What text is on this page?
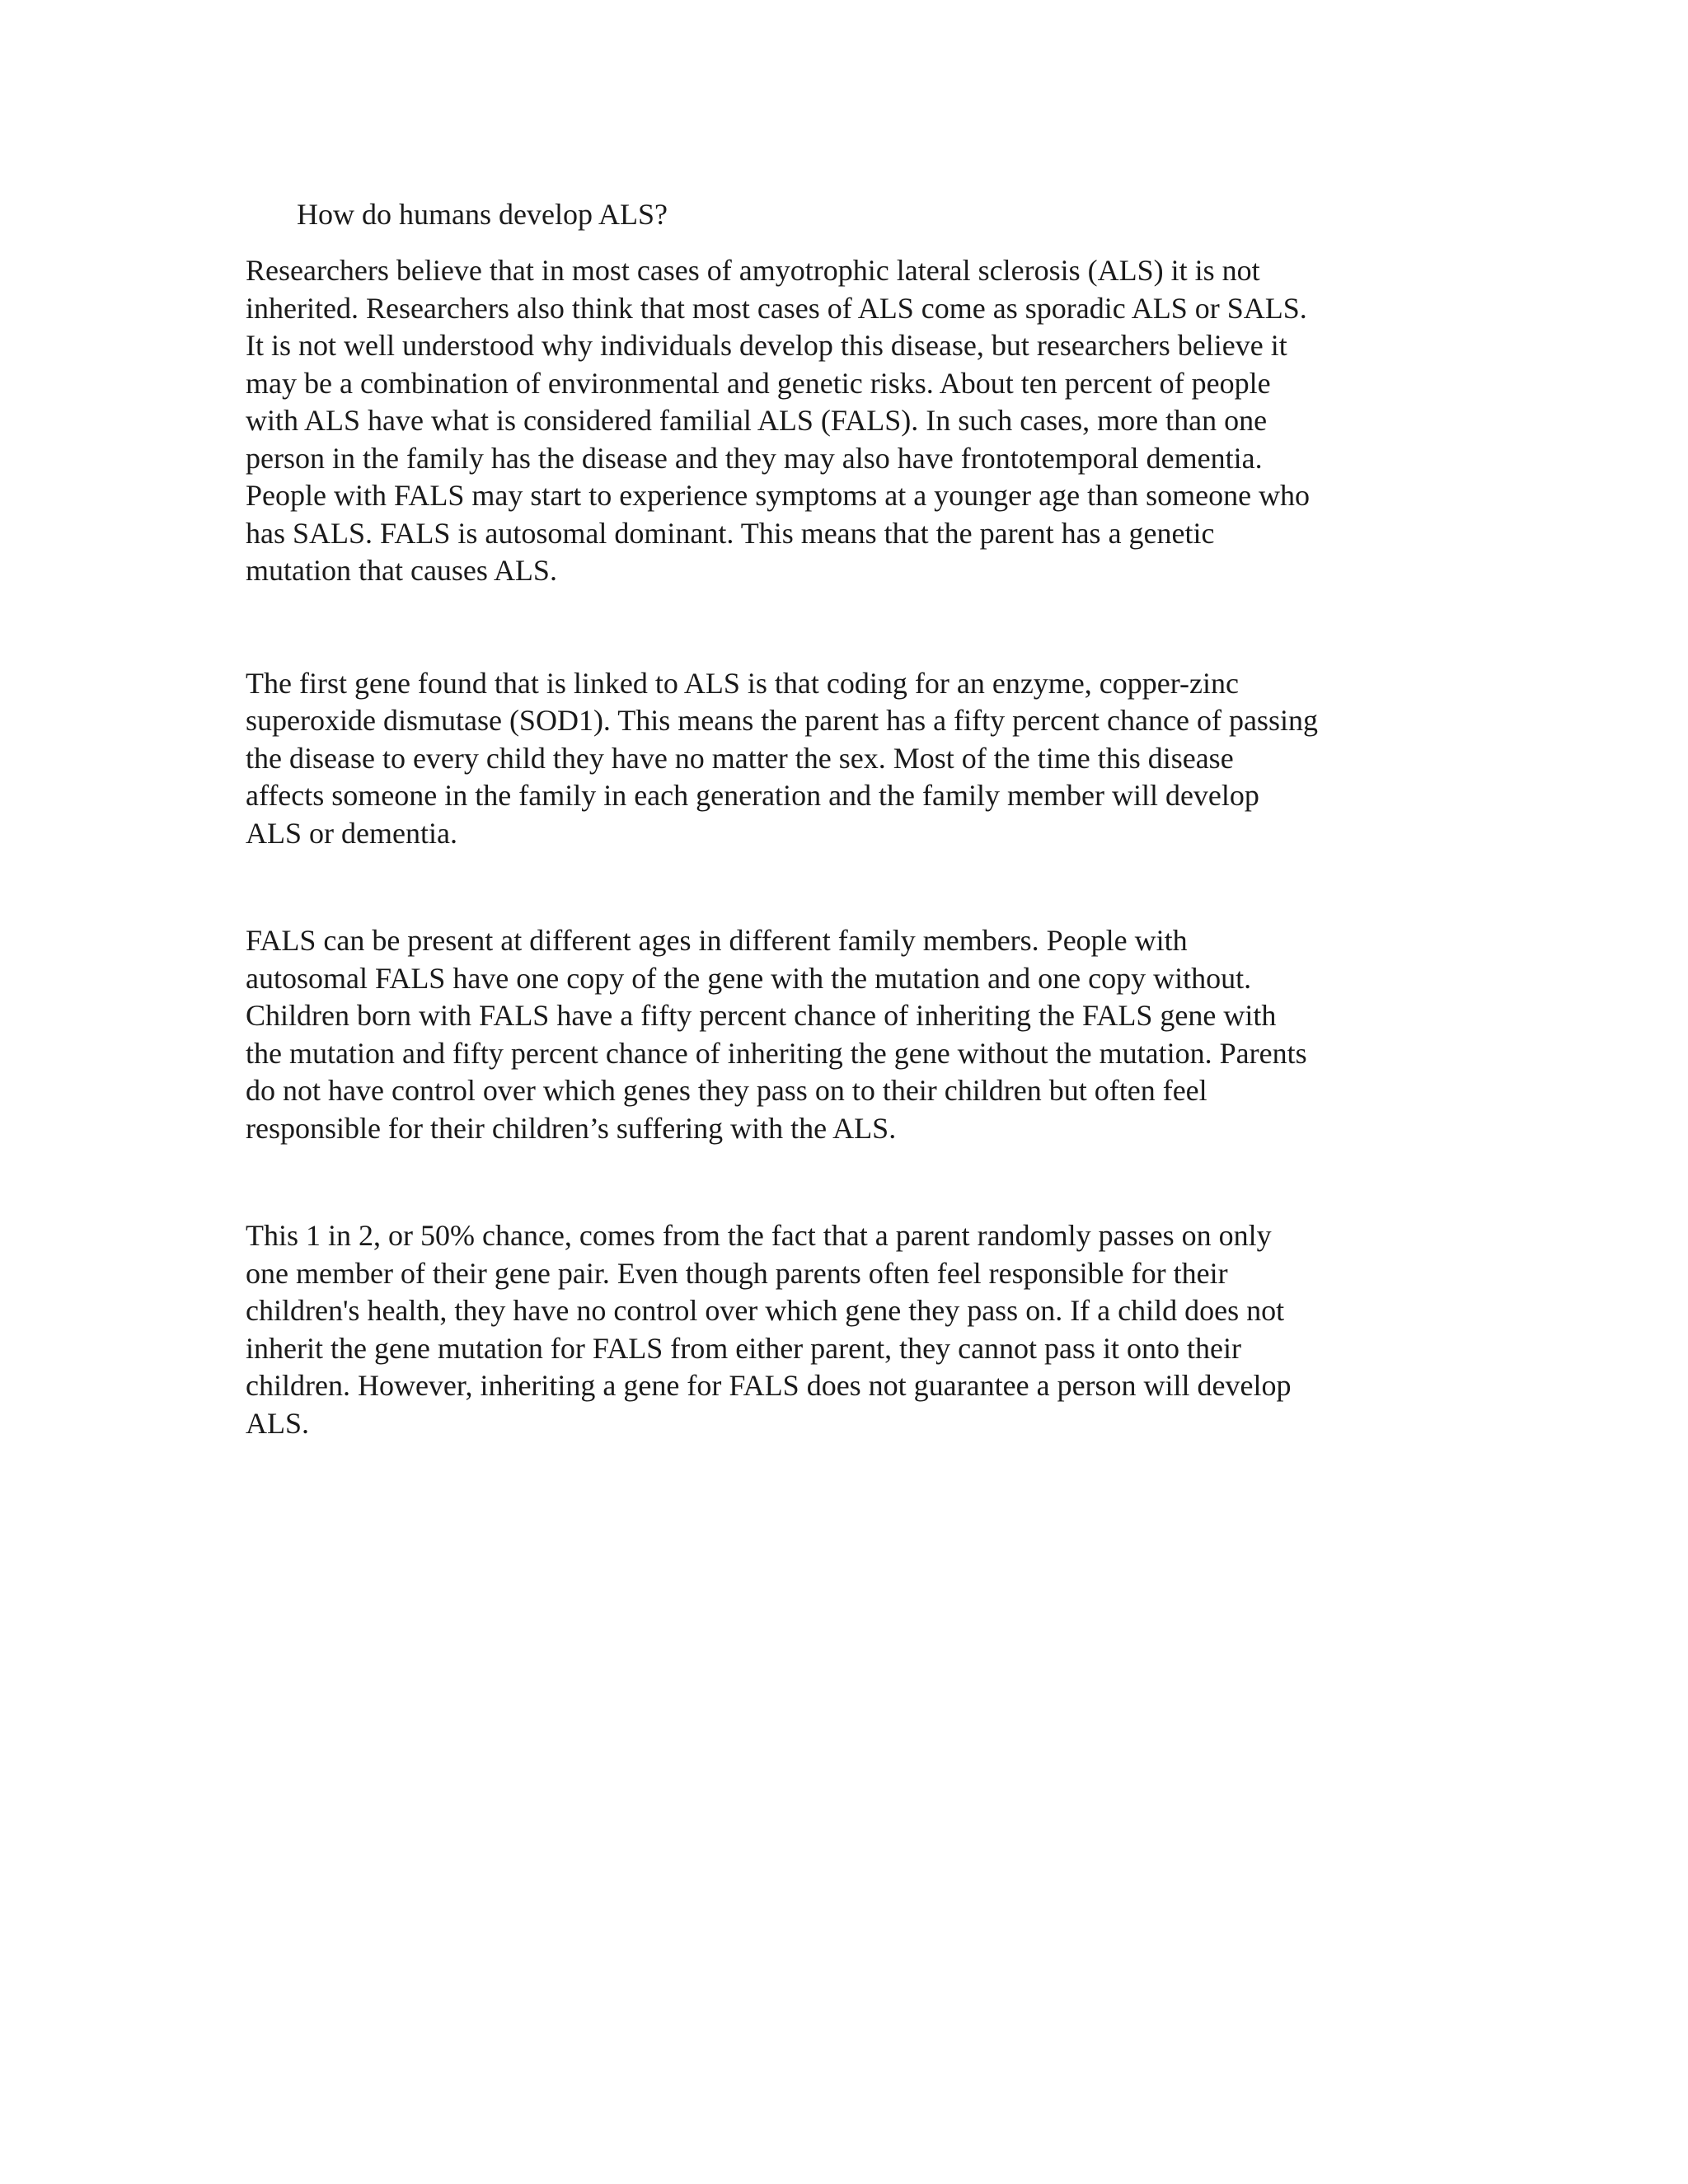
How do humans develop ALS?

Researchers believe that in most cases of amyotrophic lateral sclerosis (ALS) it is not
inherited. Researchers also think that most cases of ALS come as sporadic ALS or SALS.
It is not well understood why individuals develop this disease, but researchers believe it
may be a combination of environmental and genetic risks. About ten percent of people
with ALS have what is considered familial ALS (FALS). In such cases, more than one
person in the family has the disease and they may also have frontotemporal dementia.
People with FALS may start to experience symptoms at a younger age than someone who
has SALS. FALS is autosomal dominant. This means that the parent has a genetic
mutation that causes ALS.

The first gene found that is linked to ALS is that coding for an enzyme, copper-zinc
superoxide dismutase (SOD1). This means the parent has a fifty percent chance of passing
the disease to every child they have no matter the sex. Most of the time this disease
affects someone in the family in each generation and the family member will develop
ALS or dementia.

FALS can be present at different ages in different family members. People with
autosomal FALS have one copy of the gene with the mutation and one copy without.
Children born with FALS have a fifty percent chance of inheriting the FALS gene with
the mutation and fifty percent chance of inheriting the gene without the mutation. Parents
do not have control over which genes they pass on to their children but often feel
responsible for their children’s suffering with the ALS.

This 1 in 2, or 50% chance, comes from the fact that a parent randomly passes on only
one member of their gene pair. Even though parents often feel responsible for their
children's health, they have no control over which gene they pass on. If a child does not
inherit the gene mutation for FALS from either parent, they cannot pass it onto their
children. However, inheriting a gene for FALS does not guarantee a person will develop
ALS.
